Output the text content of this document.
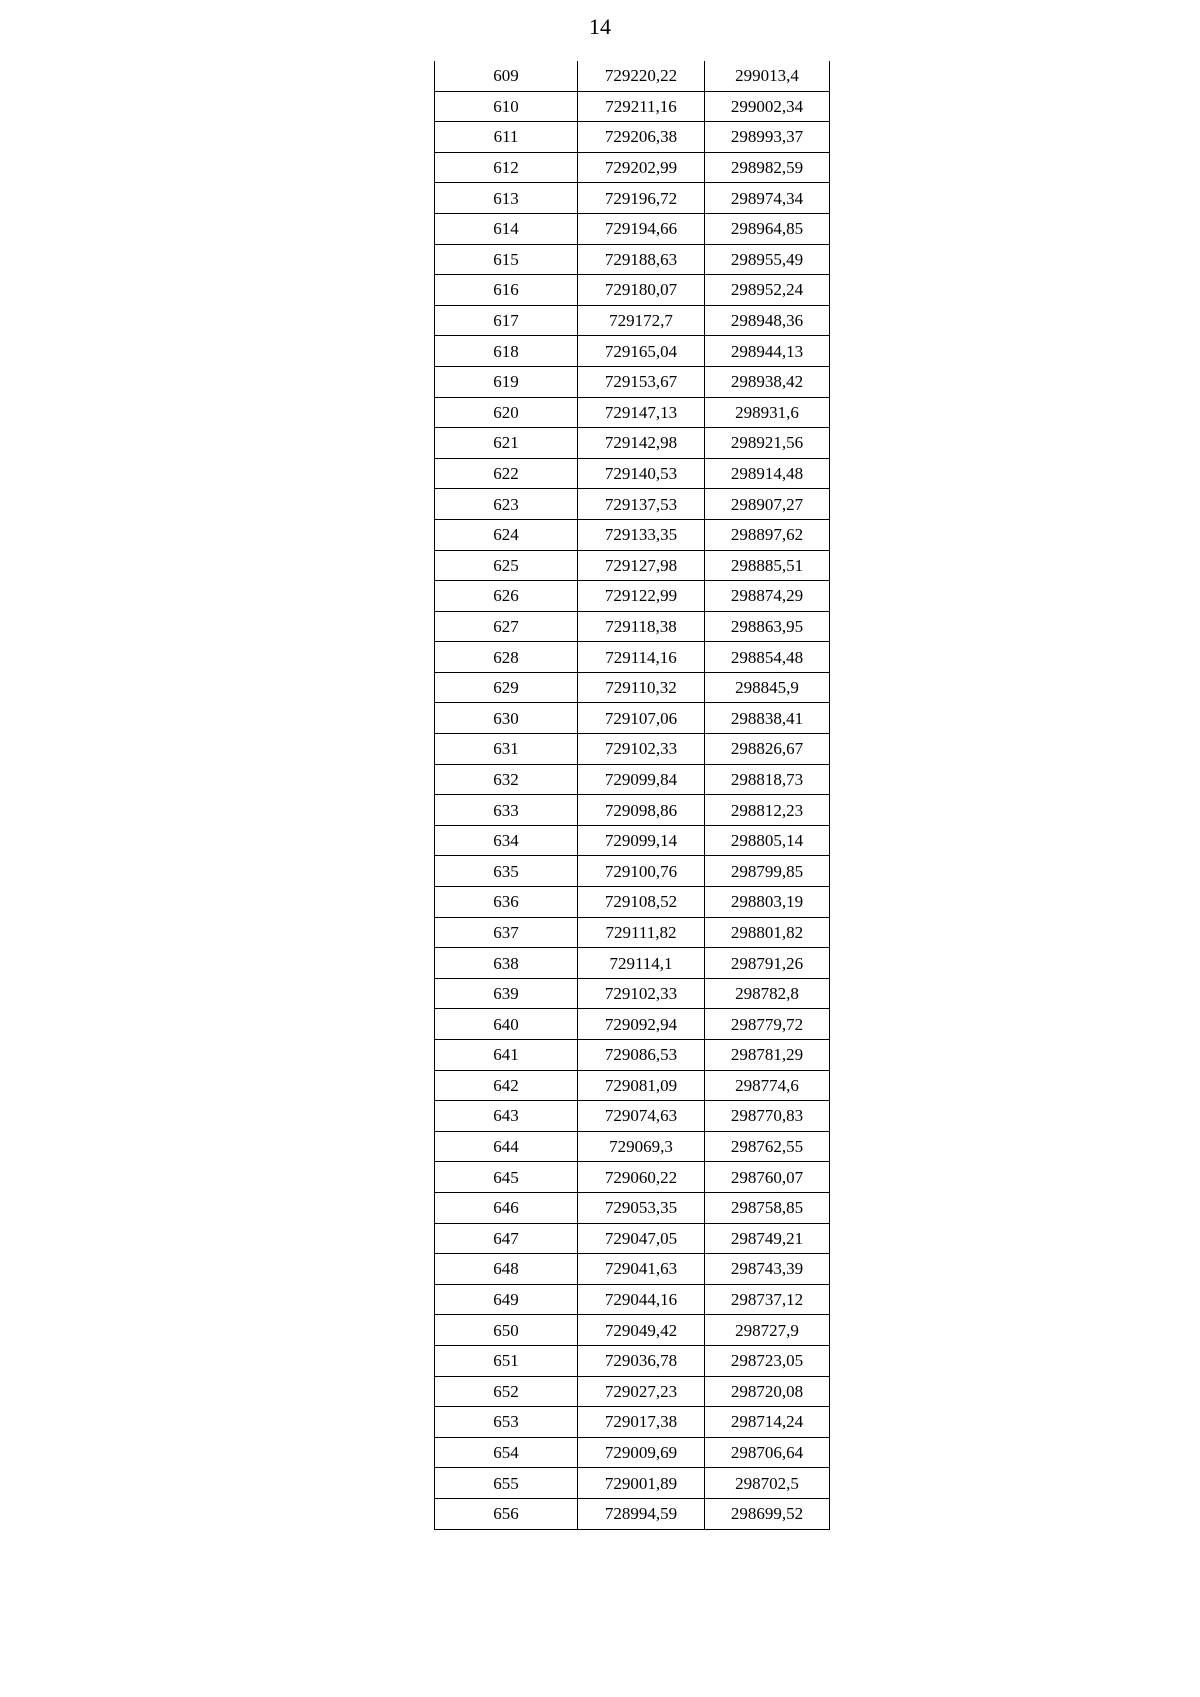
14
609	729220,22	299013,4
610	729211,16	299002,34
611	729206,38	298993,37
612	729202,99	298982,59
613	729196,72	298974,34
614	729194,66	298964,85
615	729188,63	298955,49
616	729180,07	298952,24
617	729172,7	298948,36
618	729165,04	298944,13
619	729153,67	298938,42
620	729147,13	298931,6
621	729142,98	298921,56
622	729140,53	298914,48
623	729137,53	298907,27
624	729133,35	298897,62
625	729127,98	298885,51
626	729122,99	298874,29
627	729118,38	298863,95
628	729114,16	298854,48
629	729110,32	298845,9
630	729107,06	298838,41
631	729102,33	298826,67
632	729099,84	298818,73
633	729098,86	298812,23
634	729099,14	298805,14
635	729100,76	298799,85
636	729108,52	298803,19
637	729111,82	298801,82
638	729114,1	298791,26
639	729102,33	298782,8
640	729092,94	298779,72
641	729086,53	298781,29
642	729081,09	298774,6
643	729074,63	298770,83
644	729069,3	298762,55
645	729060,22	298760,07
646	729053,35	298758,85
647	729047,05	298749,21
648	729041,63	298743,39
649	729044,16	298737,12
650	729049,42	298727,9
651	729036,78	298723,05
652	729027,23	298720,08
653	729017,38	298714,24
654	729009,69	298706,64
655	729001,89	298702,5
656	728994,59	298699,52
